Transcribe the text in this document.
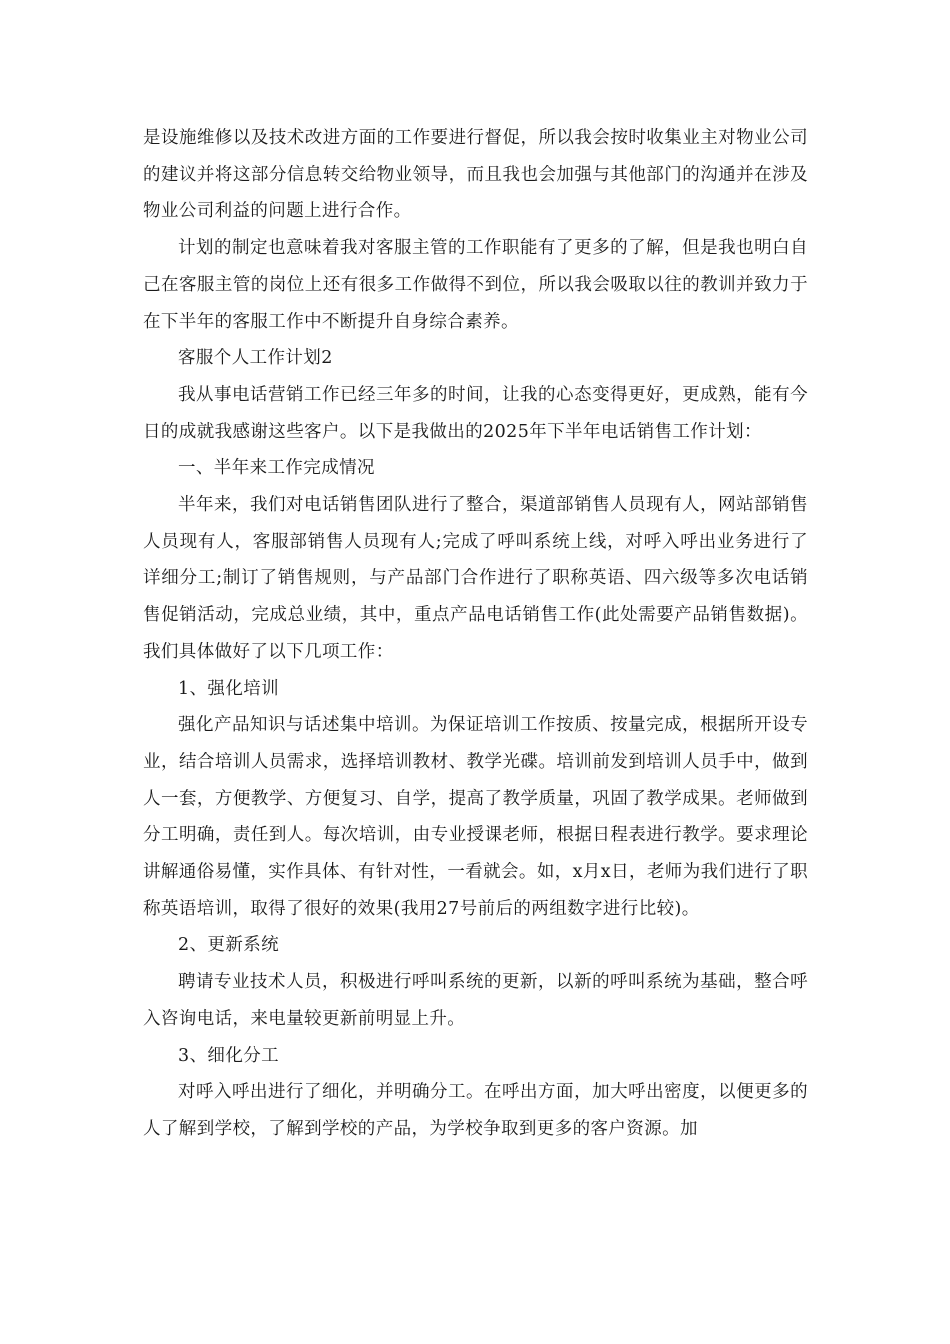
是设施维修以及技术改进方面的工作要进行督促，所以我会按时收集业主对物业公司的建议并将这部分信息转交给物业领导，而且我也会加强与其他部门的沟通并在涉及物业公司利益的问题上进行合作。

计划的制定也意味着我对客服主管的工作职能有了更多的了解，但是我也明白自己在客服主管的岗位上还有很多工作做得不到位，所以我会吸取以往的教训并致力于在下半年的客服工作中不断提升自身综合素养。

客服个人工作计划2

我从事电话营销工作已经三年多的时间，让我的心态变得更好，更成熟，能有今日的成就我感谢这些客户。以下是我做出的2025年下半年电话销售工作计划：

一、半年来工作完成情况

半年来，我们对电话销售团队进行了整合，渠道部销售人员现有人，网站部销售人员现有人，客服部销售人员现有人;完成了呼叫系统上线，对呼入呼出业务进行了详细分工;制订了销售规则，与产品部门合作进行了职称英语、四六级等多次电话销售促销活动，完成总业绩，其中，重点产品电话销售工作(此处需要产品销售数据)。我们具体做好了以下几项工作：

1、强化培训

强化产品知识与话述集中培训。为保证培训工作按质、按量完成，根据所开设专业，结合培训人员需求，选择培训教材、教学光碟。培训前发到培训人员手中，做到人一套，方便教学、方便复习、自学，提高了教学质量，巩固了教学成果。老师做到分工明确，责任到人。每次培训，由专业授课老师，根据日程表进行教学。要求理论讲解通俗易懂，实作具体、有针对性，一看就会。如，x月x日，老师为我们进行了职称英语培训，取得了很好的效果(我用27号前后的两组数字进行比较)。

2、更新系统

聘请专业技术人员，积极进行呼叫系统的更新，以新的呼叫系统为基础，整合呼入咨询电话，来电量较更新前明显上升。

3、细化分工

对呼入呼出进行了细化，并明确分工。在呼出方面，加大呼出密度，以便更多的人了解到学校，了解到学校的产品，为学校争取到更多的客户资源。加
